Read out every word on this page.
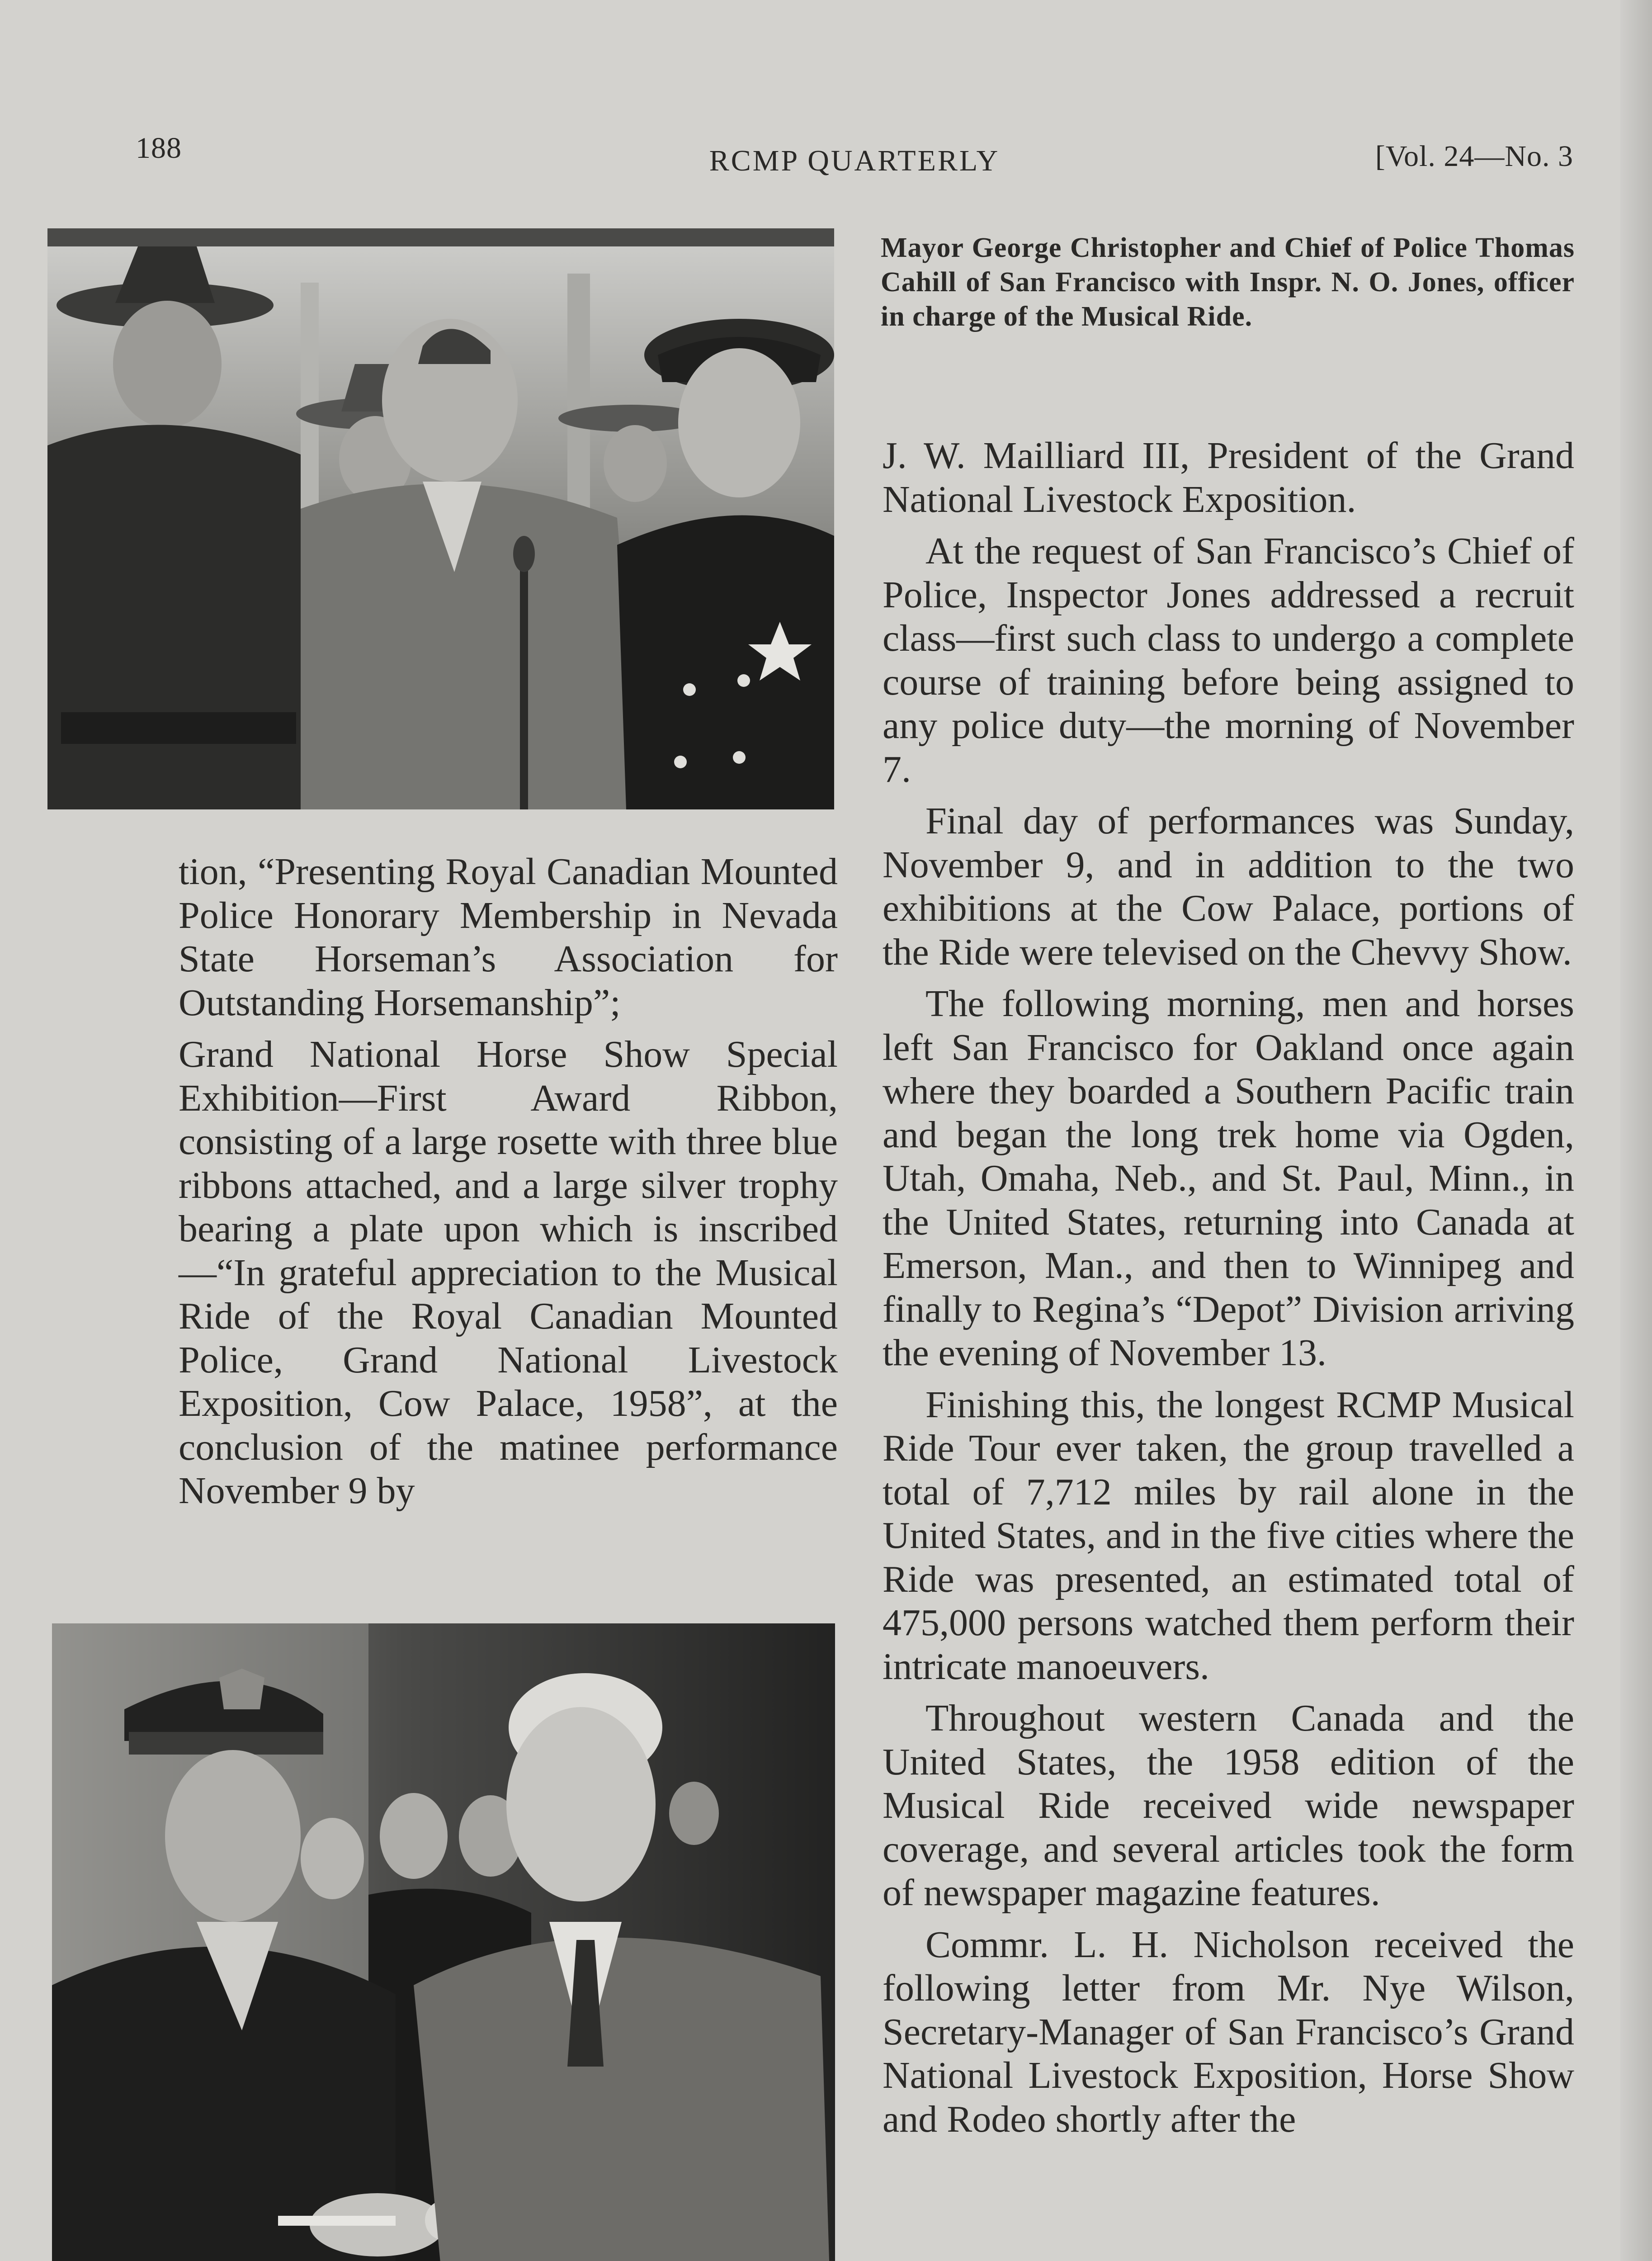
188	RCMP QUARTERLY	[Vol. 24—No. 3
Mayor George Christopher and Chief of Police Thomas Cahill of San Francisco with Inspr. N. O. Jones, officer in charge of the Musical Ride.

tion, “Presenting Royal Canadian Mounted Police Honorary Membership in Nevada State Horseman’s Association for Outstanding Horsemanship”;

Grand National Horse Show Special Exhibition—First Award Ribbon, consisting of a large rosette with three blue ribbons attached, and a large silver trophy bearing a plate upon which is inscribed—“In grateful appreciation to the Musical Ride of the Royal Canadian Mounted Police, Grand National Livestock Exposition, Cow Palace, 1958”, at the conclusion of the matinee performance November 9 by

J. W. Mailliard III, President of the Grand National Livestock Exposition.

At the request of San Francisco’s Chief of Police, Inspector Jones addressed a recruit class—first such class to undergo a complete course of training before being assigned to any police duty—the morning of November 7.

Final day of performances was Sunday, November 9, and in addition to the two exhibitions at the Cow Palace, portions of the Ride were televised on the Chevvy Show.

The following morning, men and horses left San Francisco for Oakland once again where they boarded a Southern Pacific train and began the long trek home via Ogden, Utah, Omaha, Neb., and St. Paul, Minn., in the United States, returning into Canada at Emerson, Man., and then to Winnipeg and finally to Regina’s “Depot” Division arriving the evening of November 13.

Finishing this, the longest RCMP Musical Ride Tour ever taken, the group travelled a total of 7,712 miles by rail alone in the United States, and in the five cities where the Ride was presented, an estimated total of 475,000 persons watched them perform their intricate manoeuvers.

Throughout western Canada and the United States, the 1958 edition of the Musical Ride received wide newspaper coverage, and several articles took the form of newspaper magazine features.

Commr. L. H. Nicholson received the following letter from Mr. Nye Wilson, Secretary-Manager of San Francisco’s Grand National Livestock Exposition, Horse Show and Rodeo shortly after the
